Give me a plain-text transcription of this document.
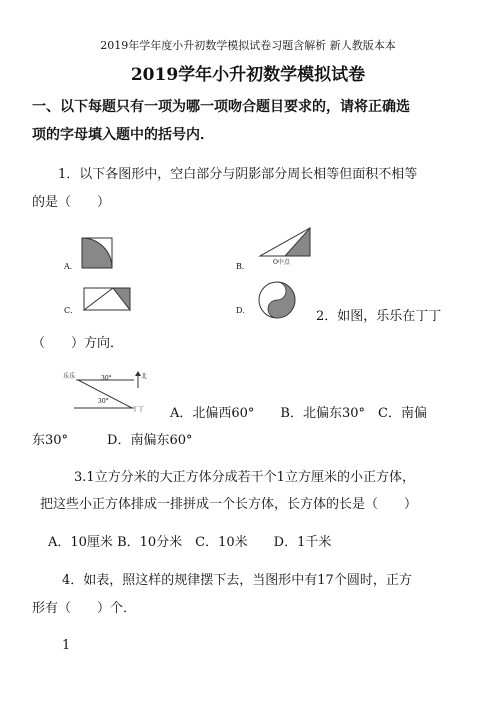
2019年学年度小升初数学模拟试卷习题含解析 新人教版本本
2019学年小升初数学模拟试卷
一、以下每题只有一项为哪一项吻合题目要求的，请将正确选
项的字母填入题中的括号内．
1．以下各图形中，空白部分与阴影部分周长相等但面积不相等
的是（　　）
A．	B．	O中点
C．	D．	2．如图，乐乐在丁丁
（　　）方向．
乐乐	30°	北
30°
丁丁 A．北偏西60°　　B．北偏东30°　C．南偏
东30°　　　D．南偏东60°
3.1立方分米的大正方体分成若干个1立方厘米的小正方体，
把这些小正方体排成一排拼成一个长方体，长方体的长是（　　）
A．10厘米 B．10分米　C．10米　　D．1千米
4．如表，照这样的规律摆下去，当图形中有17个圆时，正方
形有（　　）个．
1
